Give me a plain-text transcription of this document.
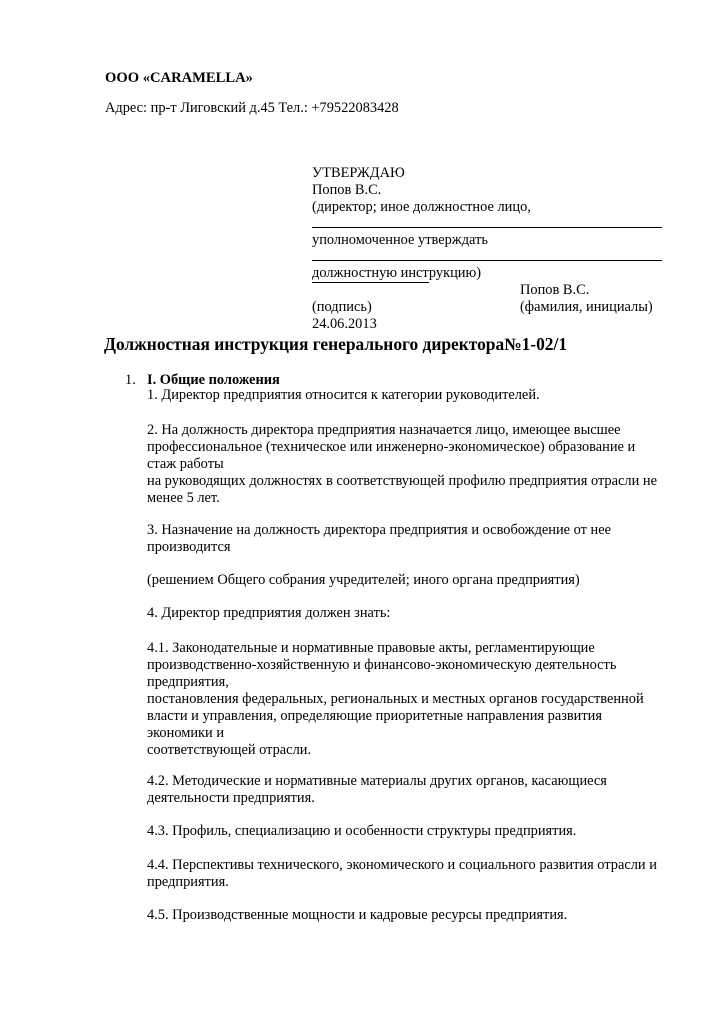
ООО «CARAMELLA»
Адрес: пр-т Лиговский д.45 Тел.: +79522083428
УТВЕРЖДАЮ
Попов В.С.
(директор; иное должностное лицо,
уполномоченное утверждать
должностную инструкцию)
Попов В.С.
(подпись)	(фамилия, инициалы)
24.06.2013
Должностная инструкция генерального директора№1-02/1
1. I. Общие положения
1. Директор предприятия относится к категории руководителей.
2. На должность директора предприятия назначается лицо, имеющее высшее
профессиональное (техническое или инженерно-экономическое) образование и
стаж работы
на руководящих должностях в соответствующей профилю предприятия отрасли не
менее 5 лет.
3. Назначение на должность директора предприятия и освобождение от нее
производится
(решением Общего собрания учредителей; иного органа предприятия)
4. Директор предприятия должен знать:
4.1. Законодательные и нормативные правовые акты, регламентирующие
производственно-хозяйственную и финансово-экономическую деятельность
предприятия,
постановления федеральных, региональных и местных органов государственной
власти и управления, определяющие приоритетные направления развития
экономики и
соответствующей отрасли.
4.2. Методические и нормативные материалы других органов, касающиеся
деятельности предприятия.
4.3. Профиль, специализацию и особенности структуры предприятия.
4.4. Перспективы технического, экономического и социального развития отрасли и
предприятия.
4.5. Производственные мощности и кадровые ресурсы предприятия.
